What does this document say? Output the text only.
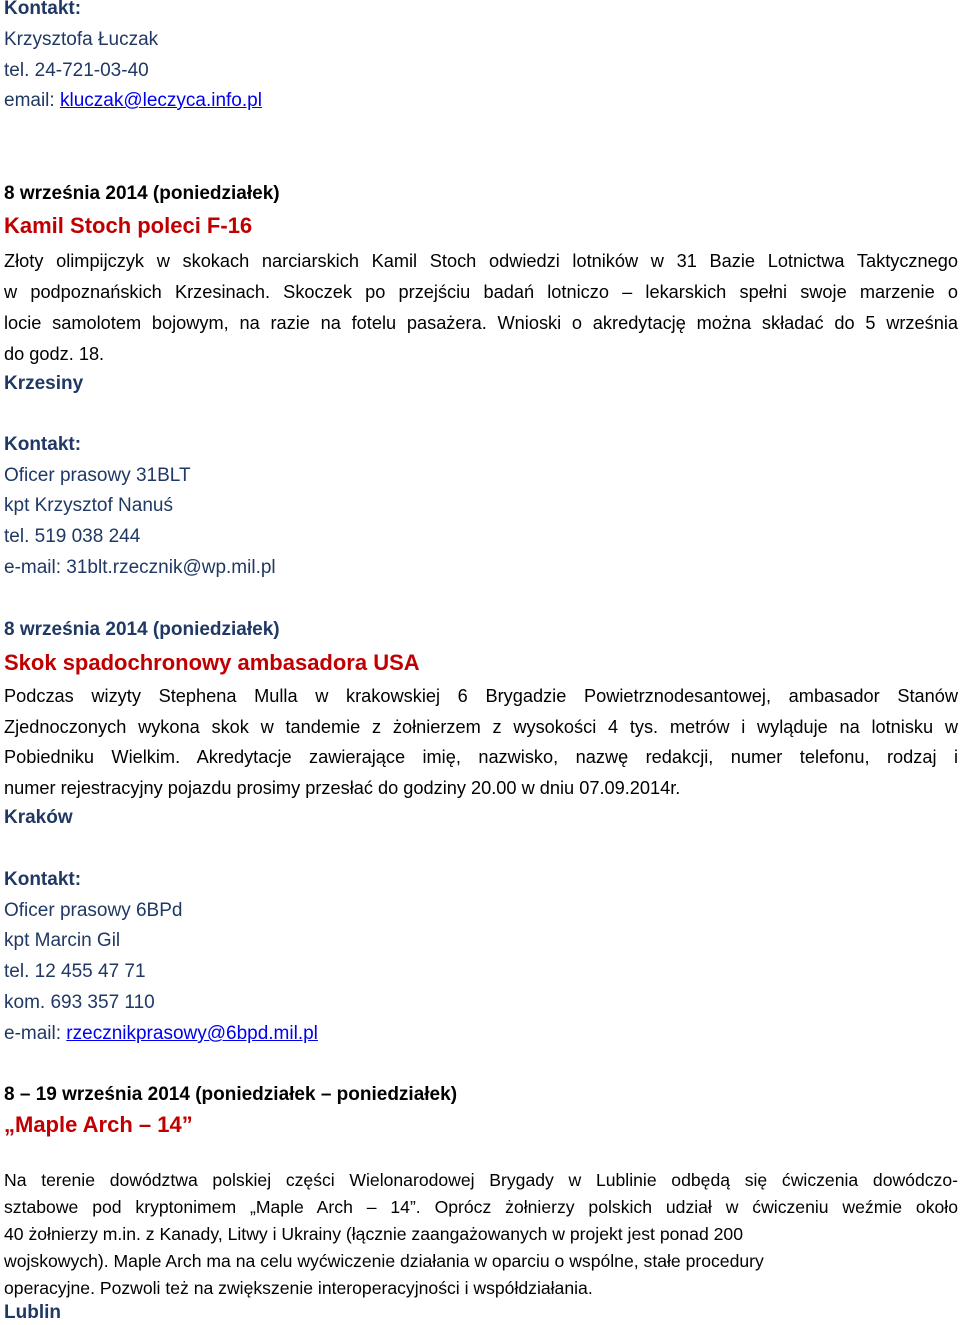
Kontakt:
Krzysztofa Łuczak
tel. 24-721-03-40
email: kluczak@leczyca.info.pl
8 września 2014 (poniedziałek)
Kamil Stoch poleci F-16
Złoty olimpijczyk w skokach narciarskich Kamil Stoch odwiedzi lotników w 31 Bazie Lotnictwa Taktycznego
w podpoznańskich Krzesinach. Skoczek po przejściu badań lotniczo – lekarskich spełni swoje marzenie o
locie samolotem bojowym, na razie na fotelu pasażera. Wnioski o akredytację można składać do 5 września
do godz. 18.
Krzesiny
Kontakt:
Oficer prasowy 31BLT
kpt Krzysztof Nanuś
tel. 519 038 244
e-mail: 31blt.rzecznik@wp.mil.pl
8 września 2014 (poniedziałek)
Skok spadochronowy ambasadora USA
Podczas wizyty Stephena Mulla w krakowskiej 6 Brygadzie Powietrznodesantowej, ambasador Stanów
Zjednoczonych wykona skok w tandemie z żołnierzem z wysokości 4 tys. metrów i wyląduje na lotnisku w
Pobiedniku Wielkim. Akredytacje zawierające imię, nazwisko, nazwę redakcji, numer telefonu, rodzaj i
numer rejestracyjny pojazdu prosimy przesłać do godziny 20.00 w dniu 07.09.2014r.
Kraków
Kontakt:
Oficer prasowy 6BPd
kpt Marcin Gil
tel. 12 455 47 71
kom. 693 357 110
e-mail: rzecznikprasowy@6bpd.mil.pl
8 – 19 września 2014 (poniedziałek – poniedziałek)
„Maple Arch – 14”
Na terenie dowództwa polskiej części Wielonarodowej Brygady w Lublinie odbędą się ćwiczenia dowódczo-
sztabowe pod kryptonimem „Maple Arch – 14”. Oprócz żołnierzy polskich udział w ćwiczeniu weźmie około
40 żołnierzy m.in. z Kanady, Litwy i Ukrainy (łącznie zaangażowanych w projekt jest ponad 200
wojskowych). Maple Arch ma na celu wyćwiczenie działania w oparciu o wspólne, stałe procedury
operacyjne. Pozwoli też na zwiększenie interoperacyjności i współdziałania.
Lublin
